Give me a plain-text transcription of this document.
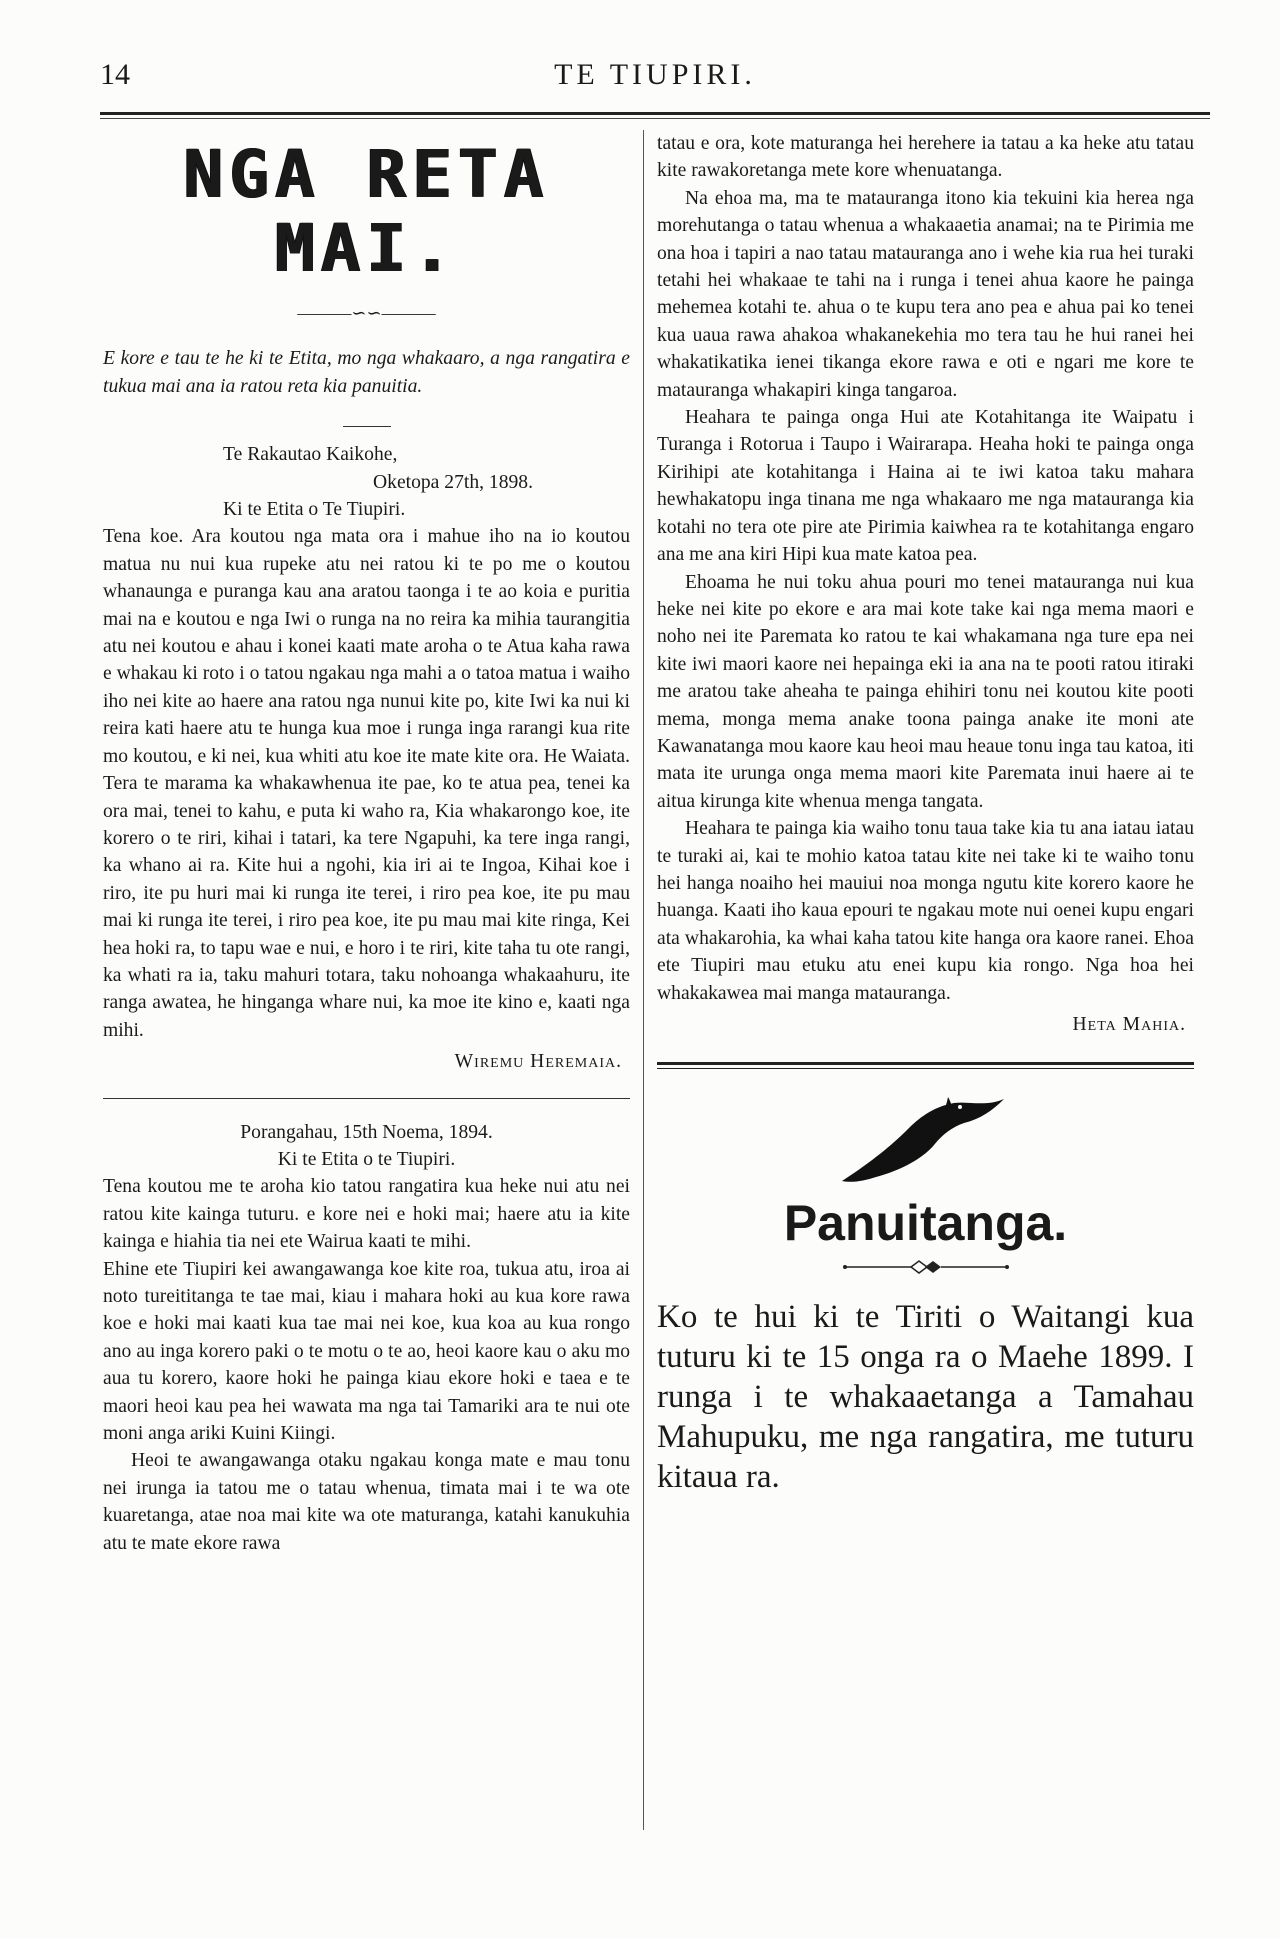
14	TE TIUPIRI.
NGA RETA MAI.
———∽∽———

E kore e tau te he ki te Etita, mo nga whakaaro, a nga rangatira e tukua mai ana ia ratou reta kia panuitia.

Te Rakautao Kaikohe,

Oketopa 27th, 1898.

Ki te Etita o Te Tiupiri.

Tena koe. Ara koutou nga mata ora i mahue iho na io koutou matua nu nui kua rupeke atu nei ratou ki te po me o koutou whanaunga e puranga kau ana aratou taonga i te ao koia e puritia mai na e koutou e nga Iwi o runga na no reira ka mihia taurangitia atu nei koutou e ahau i konei kaati mate aroha o te Atua kaha rawa e whakau ki roto i o tatou ngakau nga mahi a o tatoa matua i waiho iho nei kite ao haere ana ratou nga nunui kite po, kite Iwi ka nui ki reira kati haere atu te hunga kua moe i runga inga rarangi kua rite mo koutou, e ki nei, kua whiti atu koe ite mate kite ora. He Waiata. Tera te marama ka whakawhenua ite pae, ko te atua pea, tenei ka ora mai, tenei to kahu, e puta ki waho ra, Kia whakarongo koe, ite korero o te riri, kihai i tatari, ka tere Ngapuhi, ka tere inga rangi, ka whano ai ra. Kite hui a ngohi, kia iri ai te Ingoa, Kihai koe i riro, ite pu huri mai ki runga ite terei, i riro pea koe, ite pu mau mai ki runga ite terei, i riro pea koe, ite pu mau mai kite ringa, Kei hea hoki ra, to tapu wae e nui, e horo i te riri, kite taha tu ote rangi, ka whati ra ia, taku mahuri totara, taku nohoanga whakaahuru, ite ranga awatea, he hinganga whare nui, ka moe ite kino e, kaati nga mihi.

Wiremu Heremaia.

Porangahau, 15th Noema, 1894.

Ki te Etita o te Tiupiri.

Tena koutou me te aroha kio tatou rangatira kua heke nui atu nei ratou kite kainga tuturu. e kore nei e hoki mai; haere atu ia kite kainga e hiahia tia nei ete Wairua kaati te mihi.

Ehine ete Tiupiri kei awangawanga koe kite roa, tukua atu, iroa ai noto tureititanga te tae mai, kiau i mahara hoki au kua kore rawa koe e hoki mai kaati kua tae mai nei koe, kua koa au kua rongo ano au inga korero paki o te motu o te ao, heoi kaore kau o aku mo aua tu korero, kaore hoki he painga kiau ekore hoki e taea e te maori heoi kau pea hei wawata ma nga tai Tamariki ara te nui ote moni anga ariki Kuini Kiingi.

Heoi te awangawanga otaku ngakau konga mate e mau tonu nei irunga ia tatou me o tatau whenua, timata mai i te wa ote kuaretanga, atae noa mai kite wa ote maturanga, katahi kanukuhia atu te mate ekore rawa

tatau e ora, kote maturanga hei herehere ia tatau a ka heke atu tatau kite rawakoretanga mete kore whenuatanga.

Na ehoa ma, ma te matauranga itono kia tekuini kia herea nga morehutanga o tatau whenua a whakaaetia anamai; na te Pirimia me ona hoa i tapiri a nao tatau matauranga ano i wehe kia rua hei turaki tetahi hei whakaae te tahi na i runga i tenei ahua kaore he painga mehemea kotahi te. ahua o te kupu tera ano pea e ahua pai ko tenei kua uaua rawa ahakoa whakanekehia mo tera tau he hui ranei hei whakatikatika ienei tikanga ekore rawa e oti e ngari me kore te matauranga whakapiri kinga tangaroa.

Heahara te painga onga Hui ate Kotahitanga ite Waipatu i Turanga i Rotorua i Taupo i Wairarapa. Heaha hoki te painga onga Kirihipi ate kotahitanga i Haina ai te iwi katoa taku mahara hewhakatopu inga tinana me nga whakaaro me nga matauranga kia kotahi no tera ote pire ate Pirimia kaiwhea ra te kotahitanga engaro ana me ana kiri Hipi kua mate katoa pea.

Ehoama he nui toku ahua pouri mo tenei matauranga nui kua heke nei kite po ekore e ara mai kote take kai nga mema maori e noho nei ite Paremata ko ratou te kai whakamana nga ture epa nei kite iwi maori kaore nei hepainga eki ia ana na te pooti ratou itiraki me aratou take aheaha te painga ehihiri tonu nei koutou kite pooti mema, monga mema anake toona painga anake ite moni ate Kawanatanga mou kaore kau heoi mau heaue tonu inga tau katoa, iti mata ite urunga onga mema maori kite Paremata inui haere ai te aitua kirunga kite whenua menga tangata.

Heahara te painga kia waiho tonu taua take kia tu ana iatau iatau te turaki ai, kai te mohio katoa tatau kite nei take ki te waiho tonu hei hanga noaiho hei mauiui noa monga ngutu kite korero kaore he huanga. Kaati iho kaua epouri te ngakau mote nui oenei kupu engari ata whakarohia, ka whai kaha tatou kite hanga ora kaore ranei. Ehoa ete Tiupiri mau etuku atu enei kupu kia rongo. Nga hoa hei whakakawea mai manga matauranga.

Heta Mahia.

Panuitanga.

Ko te hui ki te Tiriti o Waitangi kua tuturu ki te 15 onga ra o Maehe 1899. I runga i te whakaaetanga a Tamahau Mahupuku, me nga rangatira, me tuturu kitaua ra.
